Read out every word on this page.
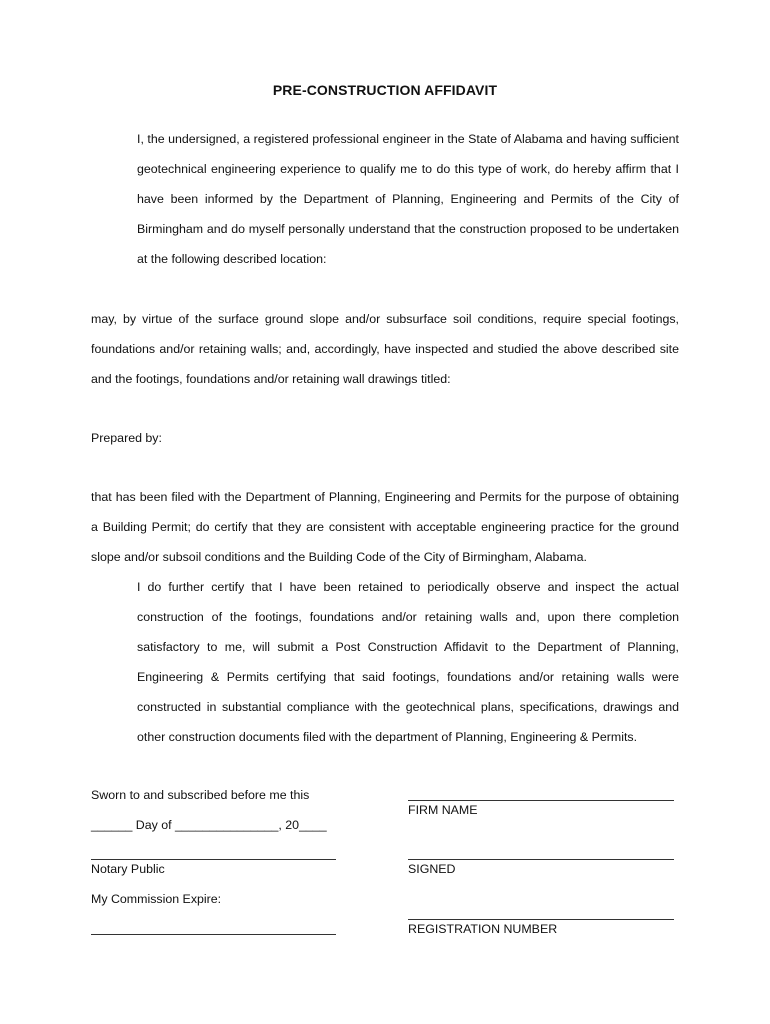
PRE-CONSTRUCTION AFFIDAVIT
I, the undersigned, a registered professional engineer in the State of Alabama and having sufficient geotechnical engineering experience to qualify me to do this type of work, do hereby affirm that I have been informed by the Department of Planning, Engineering and Permits of the City of Birmingham and do myself personally understand that the construction proposed to be undertaken at the following described location:
may, by virtue of the surface ground slope and/or subsurface soil conditions, require special footings, foundations and/or retaining walls; and, accordingly, have inspected and studied the above described site and the footings, foundations and/or retaining wall drawings titled:
Prepared by:
that has been filed with the Department of Planning, Engineering and Permits for the purpose of obtaining a Building Permit; do certify that they are consistent with acceptable engineering practice for the ground slope and/or subsoil conditions and the Building Code of the City of Birmingham, Alabama.
I do further certify that I have been retained to periodically observe and inspect the actual construction of the footings, foundations and/or retaining walls and, upon there completion satisfactory to me, will submit a Post Construction Affidavit to the Department of Planning, Engineering & Permits certifying that said footings, foundations and/or retaining walls were constructed in substantial compliance with the geotechnical plans, specifications, drawings and other construction documents filed with the department of Planning, Engineering & Permits.
Sworn to and subscribed before me this
______ Day of _______________, 20____
Notary Public
My Commission Expire:
FIRM NAME
SIGNED
REGISTRATION NUMBER
